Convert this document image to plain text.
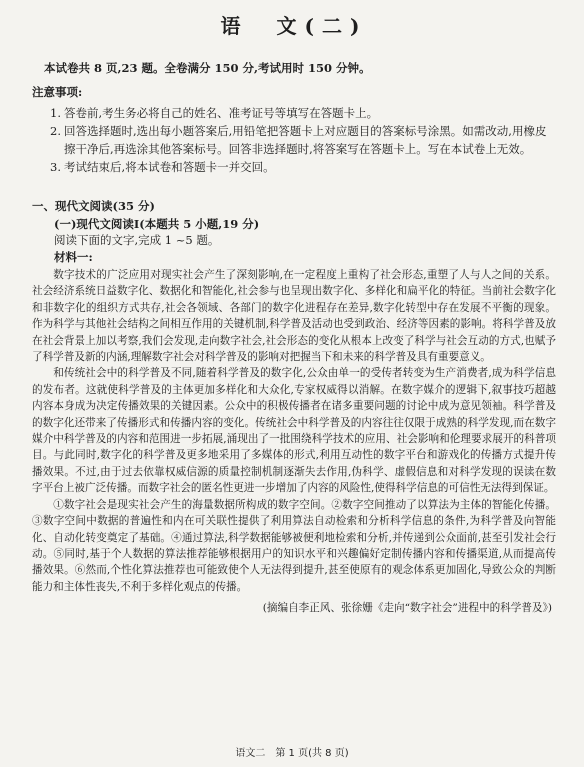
语　文(二)
本试卷共 8 页,23 题。全卷满分 150 分,考试用时 150 分钟。
注意事项:
1. 答卷前,考生务必将自己的姓名、准考证号等填写在答题卡上。
2. 回答选择题时,选出每小题答案后,用铅笔把答题卡上对应题目的答案标号涂黑。如需改动,用橡皮擦干净后,再选涂其他答案标号。回答非选择题时,将答案写在答题卡上。写在本试卷上无效。
3. 考试结束后,将本试卷和答题卡一并交回。
一、现代文阅读(35 分)
(一)现代文阅读Ⅰ(本题共 5 小题,19 分)
阅读下面的文字,完成 1 ~5 题。
材料一:

数字技术的广泛应用对现实社会产生了深刻影响,在一定程度上重构了社会形态,重塑了人与人之间的关系。社会经济系统日益数字化、数据化和智能化,社会参与也呈现出数字化、多样化和扁平化的特征。当前社会数字化和非数字化的组织方式共存,社会各领域、各部门的数字化进程存在差异,数字化转型中存在发展不平衡的现象。作为科学与其他社会结构之间相互作用的关键机制,科学普及活动也受到政治、经济等因素的影响。将科学普及放在社会背景上加以考察,我们会发现,走向数字社会,社会形态的变化从根本上改变了科学与社会互动的方式,也赋予了科学普及新的内涵,理解数字社会对科学普及的影响对把握当下和未来的科学普及具有重要意义。

和传统社会中的科学普及不同,随着科学普及的数字化,公众由单一的受传者转变为生产消费者,成为科学信息的发布者。这就使科学普及的主体更加多样化和大众化,专家权威得以消解。在数字媒介的逻辑下,叙事技巧超越内容本身成为决定传播效果的关键因素。公众中的积极传播者在诸多重要问题的讨论中成为意见领袖。科学普及的数字化还带来了传播形式和传播内容的变化。传统社会中科学普及的内容往往仅限于成熟的科学发现,而在数字媒介中科学普及的内容和范围进一步拓展,涌现出了一批围绕科学技术的应用、社会影响和伦理要求展开的科普项目。与此同时,数字化的科学普及更多地采用了多媒体的形式,利用互动性的数字平台和游戏化的传播方式提升传播效果。不过,由于过去依靠权威信源的质量控制机制逐渐失去作用,伪科学、虚假信息和对科学发现的误读在数字平台上被广泛传播。而数字社会的匿名性更进一步增加了内容的风险性,使得科学信息的可信性无法得到保证。

①数字社会是现实社会产生的海量数据所构成的数字空间。②数字空间推动了以算法为主体的智能化传播。③数字空间中数据的普遍性和内在可关联性提供了利用算法自动检索和分析科学信息的条件,为科学普及向智能化、自动化转变奠定了基础。④通过算法,科学数据能够被便利地检索和分析,并传递到公众面前,甚至引发社会行动。⑤同时,基于个人数据的算法推荐能够根据用户的知识水平和兴趣偏好定制传播内容和传播渠道,从而提高传播效果。⑥然而,个性化算法推荐也可能致使个人无法得到提升,甚至使原有的观念体系更加固化,导致公众的判断能力和主体性丧失,不利于多样化观点的传播。

(摘编自李正风、张徐姗《走向“数字社会”进程中的科学普及》)
语文二　第 1 页(共 8 页)
